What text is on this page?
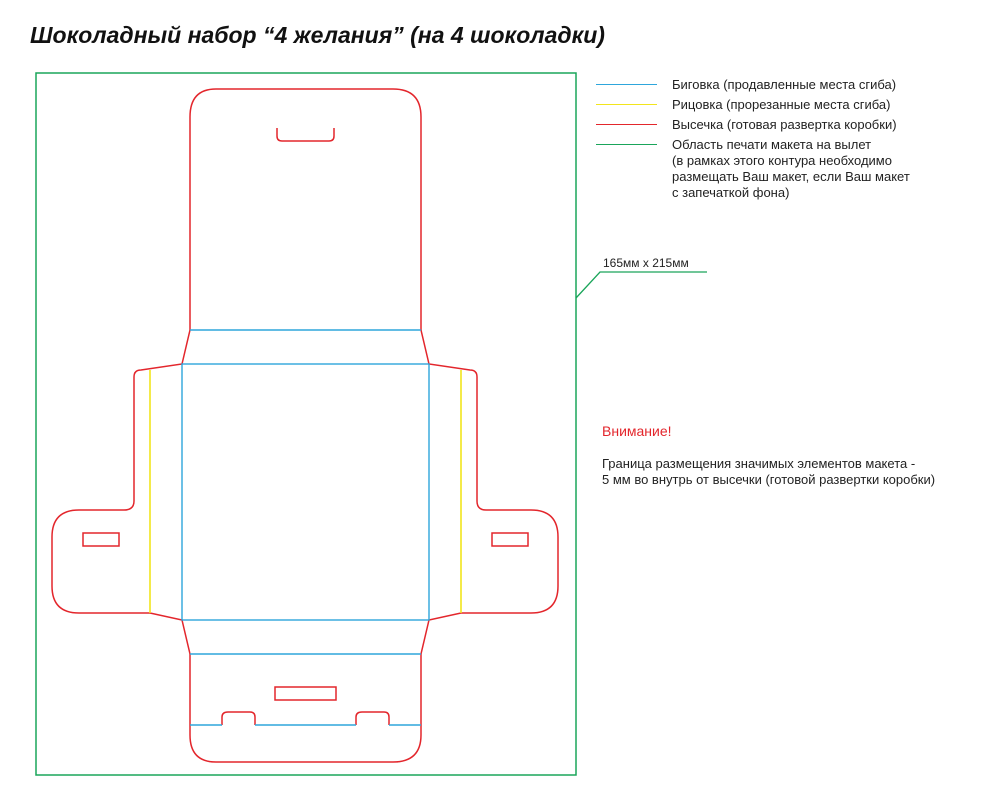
Шоколадный набор “4 желания” (на 4 шоколадки)
Биговка (продавленные места сгиба)
Рицовка (прорезанные места сгиба)
Высечка (готовая развертка коробки)
Область печати макета на вылет
(в рамках этого контура необходимо
размещать Ваш макет, если Ваш макет
с запечаткой фона)
165мм x 215мм
Внимание!
Граница размещения значимых элементов макета -
5 мм во внутрь от высечки (готовой развертки коробки)
